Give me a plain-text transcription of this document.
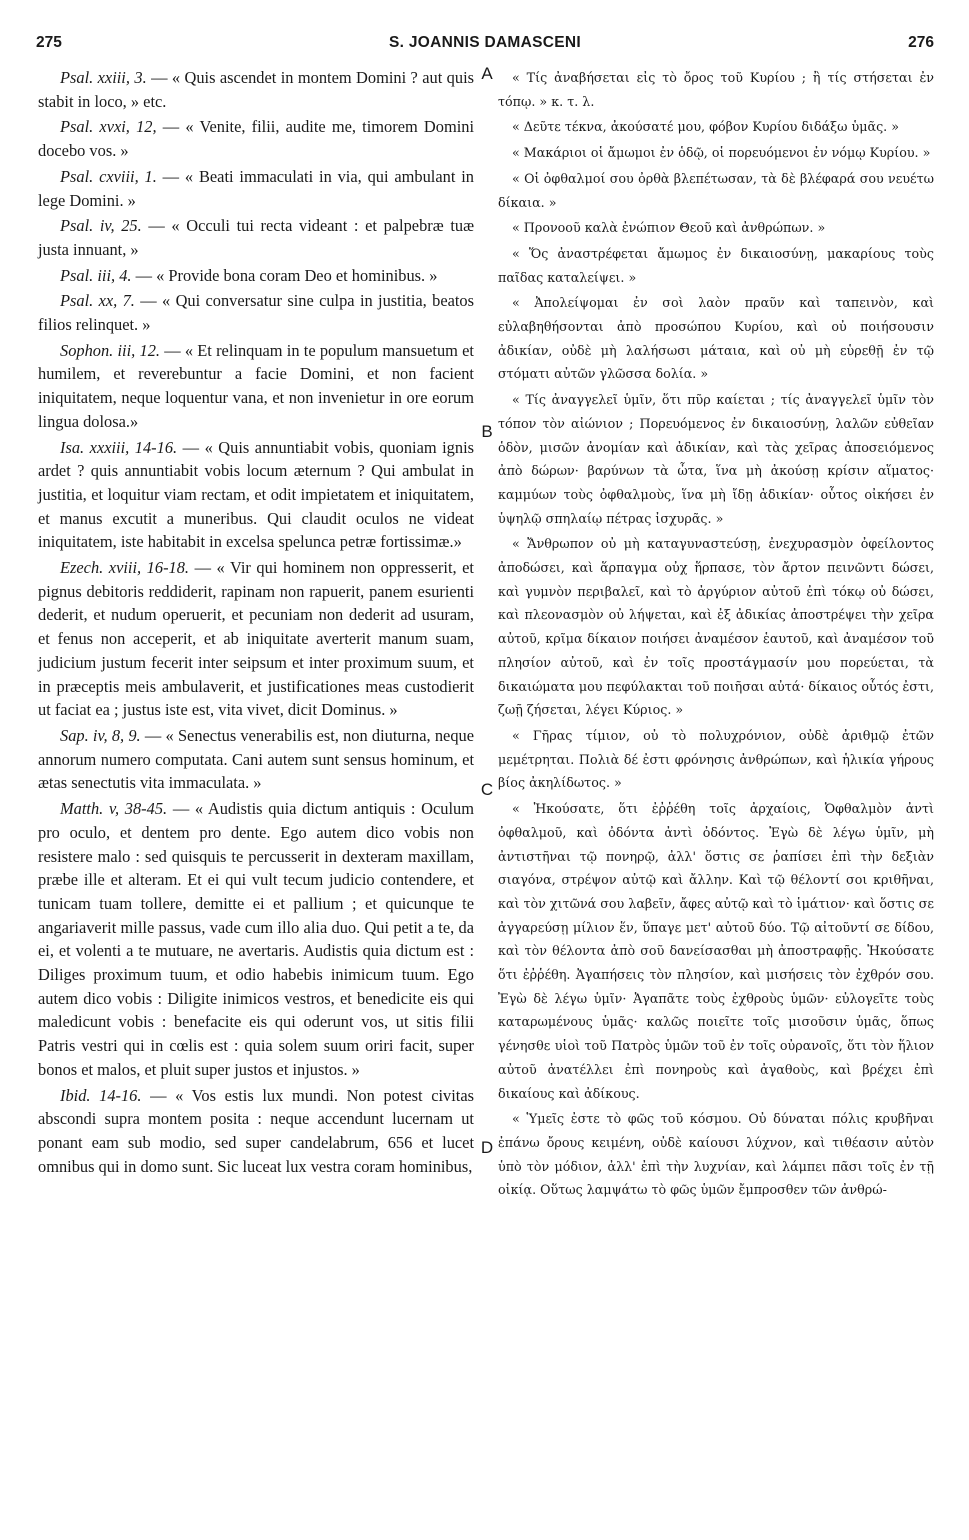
275	S. JOANNIS DAMASCENI	276
A
B
C
D

Psal. xxiii, 3. — « Quis ascendet in montem Domini ? aut quis stabit in loco, » etc.

Psal. xvxi, 12, — « Venite, filii, audite me, timorem Domini docebo vos. »

Psal. cxviii, 1. — « Beati immaculati in via, qui ambulant in lege Domini. »

Psal. iv, 25. — « Occuli tui recta videant : et palpebræ tuæ justa innuant, »

Psal. iii, 4. — « Provide bona coram Deo et hominibus. »

Psal. xx, 7. — « Qui conversatur sine culpa in justitia, beatos filios relinquet. »

Sophon. iii, 12. — « Et relinquam in te populum mansuetum et humilem, et reverebuntur a facie Domini, et non facient iniquitatem, neque loquentur vana, et non invenietur in ore eorum lingua dolosa.»

Isa. xxxiii, 14-16. — « Quis annuntiabit vobis, quoniam ignis ardet ? quis annuntiabit vobis locum æternum ? Qui ambulat in justitia, et loquitur viam rectam, et odit impietatem et iniquitatem, et manus excutit a muneribus. Qui claudit oculos ne videat iniquitatem, iste habitabit in excelsa spelunca petræ fortissimæ.»

Ezech. xviii, 16-18. — « Vir qui hominem non oppresserit, et pignus debitoris reddiderit, rapinam non rapuerit, panem esurienti dederit, et nudum operuerit, et pecuniam non dederit ad usuram, et fenus non acceperit, et ab iniquitate averterit manum suam, judicium justum fecerit inter seipsum et inter proximum suum, et in præceptis meis ambulaverit, et justificationes meas custodierit ut faciat ea ; justus iste est, vita vivet, dicit Dominus. »

Sap. iv, 8, 9. — « Senectus venerabilis est, non diuturna, neque annorum numero computata. Cani autem sunt sensus hominum, et ætas senectutis vita immaculata. »

Matth. v, 38-45. — « Audistis quia dictum antiquis : Oculum pro oculo, et dentem pro dente. Ego autem dico vobis non resistere malo : sed quisquis te percusserit in dexteram maxillam, præbe ille et alteram. Et ei qui vult tecum judicio contendere, et tunicam tuam tollere, demitte ei et pallium ; et quicunque te angariaverit mille passus, vade cum illo alia duo. Qui petit a te, da ei, et volenti a te mutuare, ne avertaris. Audistis quia dictum est : Diliges proximum tuum, et odio habebis inimicum tuum. Ego autem dico vobis : Diligite inimicos vestros, et benedicite eis qui maledicunt vobis : benefacite eis qui oderunt vos, ut sitis filii Patris vestri qui in cœlis est : quia solem suum oriri facit, super bonos et malos, et pluit super justos et injustos. »

Ibid. 14-16. — « Vos estis lux mundi. Non potest civitas abscondi supra montem posita : neque accendunt lucernam ut ponant eam sub modio, sed super candelabrum, 656 et lucet omnibus qui in domo sunt. Sic luceat lux vestra coram hominibus,

« Τίς ἀναβήσεται εἰς τὸ ὄρος τοῦ Κυρίου ; ἢ τίς στήσεται ἐν τόπῳ. » κ. τ. λ.

« Δεῦτε τέκνα, ἀκούσατέ μου, φόβον Κυρίου διδάξω ὑμᾶς. »

« Μακάριοι οἱ ἄμωμοι ἐν ὁδῷ, οἱ πορευόμενοι ἐν νόμῳ Κυρίου. »

« Οἱ ὀφθαλμοί σου ὀρθὰ βλεπέτωσαν, τὰ δὲ βλέφαρά σου νευέτω δίκαια. »

« Προνοοῦ καλὰ ἐνώπιον Θεοῦ καὶ ἀνθρώπων. »

« Ὅς ἀναστρέφεται ἄμωμος ἐν δικαιοσύνῃ, μακαρίους τοὺς παῖδας καταλείψει. »

« Ἀπολείψομαι ἐν σοὶ λαὸν πραῦν καὶ ταπεινὸν, καὶ εὐλαβηθήσονται ἀπὸ προσώπου Κυρίου, καὶ οὐ ποιήσουσιν ἀδικίαν, οὐδὲ μὴ λαλήσωσι μάταια, καὶ οὐ μὴ εὑρεθῇ ἐν τῷ στόματι αὐτῶν γλῶσσα δολία. »

« Τίς ἀναγγελεῖ ὑμῖν, ὅτι πῦρ καίεται ; τίς ἀναγγελεῖ ὑμῖν τὸν τόπον τὸν αἰώνιον ; Πορευόμενος ἐν δικαιοσύνῃ, λαλῶν εὐθεῖαν ὁδὸν, μισῶν ἀνομίαν καὶ ἀδικίαν, καὶ τὰς χεῖρας ἀποσειόμενος ἀπὸ δώρων· βαρύνων τὰ ὦτα, ἵνα μὴ ἀκούσῃ κρίσιν αἵματος· καμμύων τοὺς ὀφθαλμοὺς, ἵνα μὴ ἴδῃ ἀδικίαν· οὗτος οἰκήσει ἐν ὑψηλῷ σπηλαίῳ πέτρας ἰσχυρᾶς. »

« Ἄνθρωπον οὐ μὴ καταγυναστεύσῃ, ἐνεχυρασμὸν ὀφείλοντος ἀποδώσει, καὶ ἅρπαγμα οὐχ ἥρπασε, τὸν ἄρτον πεινῶντι δώσει, καὶ γυμνὸν περιβαλεῖ, καὶ τὸ ἀργύριον αὐτοῦ ἐπὶ τόκῳ οὐ δώσει, καὶ πλεονασμὸν οὐ λήψεται, καὶ ἐξ ἀδικίας ἀποστρέψει τὴν χεῖρα αὐτοῦ, κρῖμα δίκαιον ποιήσει ἀναμέσον ἑαυτοῦ, καὶ ἀναμέσον τοῦ πλησίον αὐτοῦ, καὶ ἐν τοῖς προστάγμασίν μου πορεύεται, τὰ δικαιώματα μου πεφύλακται τοῦ ποιῆσαι αὐτά· δίκαιος οὗτός ἐστι, ζωῇ ζήσεται, λέγει Κύριος. »

« Γῆρας τίμιον, οὐ τὸ πολυχρόνιον, οὐδὲ ἀριθμῷ ἐτῶν μεμέτρηται. Πολιὰ δέ ἐστι φρόνησις ἀνθρώπων, καὶ ἡλικία γήρους βίος ἀκηλίδωτος. »

« Ἠκούσατε, ὅτι ἐῤῥέθη τοῖς ἀρχαίοις, Ὀφθαλμὸν ἀντὶ ὀφθαλμοῦ, καὶ ὀδόντα ἀντὶ ὀδόντος. Ἐγὼ δὲ λέγω ὑμῖν, μὴ ἀντιστῆναι τῷ πονηρῷ, ἀλλ' ὅστις σε ῥαπίσει ἐπὶ τὴν δεξιὰν σιαγόνα, στρέψον αὐτῷ καὶ ἄλλην. Καὶ τῷ θέλοντί σοι κριθῆναι, καὶ τὸν χιτῶνά σου λαβεῖν, ἄφες αὐτῷ καὶ τὸ ἱμάτιον· καὶ ὅστις σε ἀγγαρεύσῃ μίλιον ἕν, ὕπαγε μετ' αὐτοῦ δύο. Τῷ αἰτοῦντί σε δίδου, καὶ τὸν θέλοντα ἀπὸ σοῦ δανείσασθαι μὴ ἀποστραφῇς. Ἠκούσατε ὅτι ἐῤῥέθη. Ἀγαπήσεις τὸν πλησίον, καὶ μισήσεις τὸν ἐχθρόν σου. Ἐγὼ δὲ λέγω ὑμῖν· Ἀγαπᾶτε τοὺς ἐχθροὺς ὑμῶν· εὐλογεῖτε τοὺς καταρωμένους ὑμᾶς· καλῶς ποιεῖτε τοῖς μισοῦσιν ὑμᾶς, ὅπως γένησθε υἱοὶ τοῦ Πατρὸς ὑμῶν τοῦ ἐν τοῖς οὐρανοῖς, ὅτι τὸν ἥλιον αὐτοῦ ἀνατέλλει ἐπὶ πονηροὺς καὶ ἀγαθοὺς, καὶ βρέχει ἐπὶ δικαίους καὶ ἀδίκους.

« Ὑμεῖς ἐστε τὸ φῶς τοῦ κόσμου. Οὐ δύναται πόλις κρυβῆναι ἐπάνω ὄρους κειμένη, οὐδὲ καίουσι λύχνον, καὶ τιθέασιν αὐτὸν ὑπὸ τὸν μόδιον, ἀλλ' ἐπὶ τὴν λυχνίαν, καὶ λάμπει πᾶσι τοῖς ἐν τῇ οἰκίᾳ. Οὕτως λαμψάτω τὸ φῶς ὑμῶν ἔμπροσθεν τῶν ἀνθρώ-
